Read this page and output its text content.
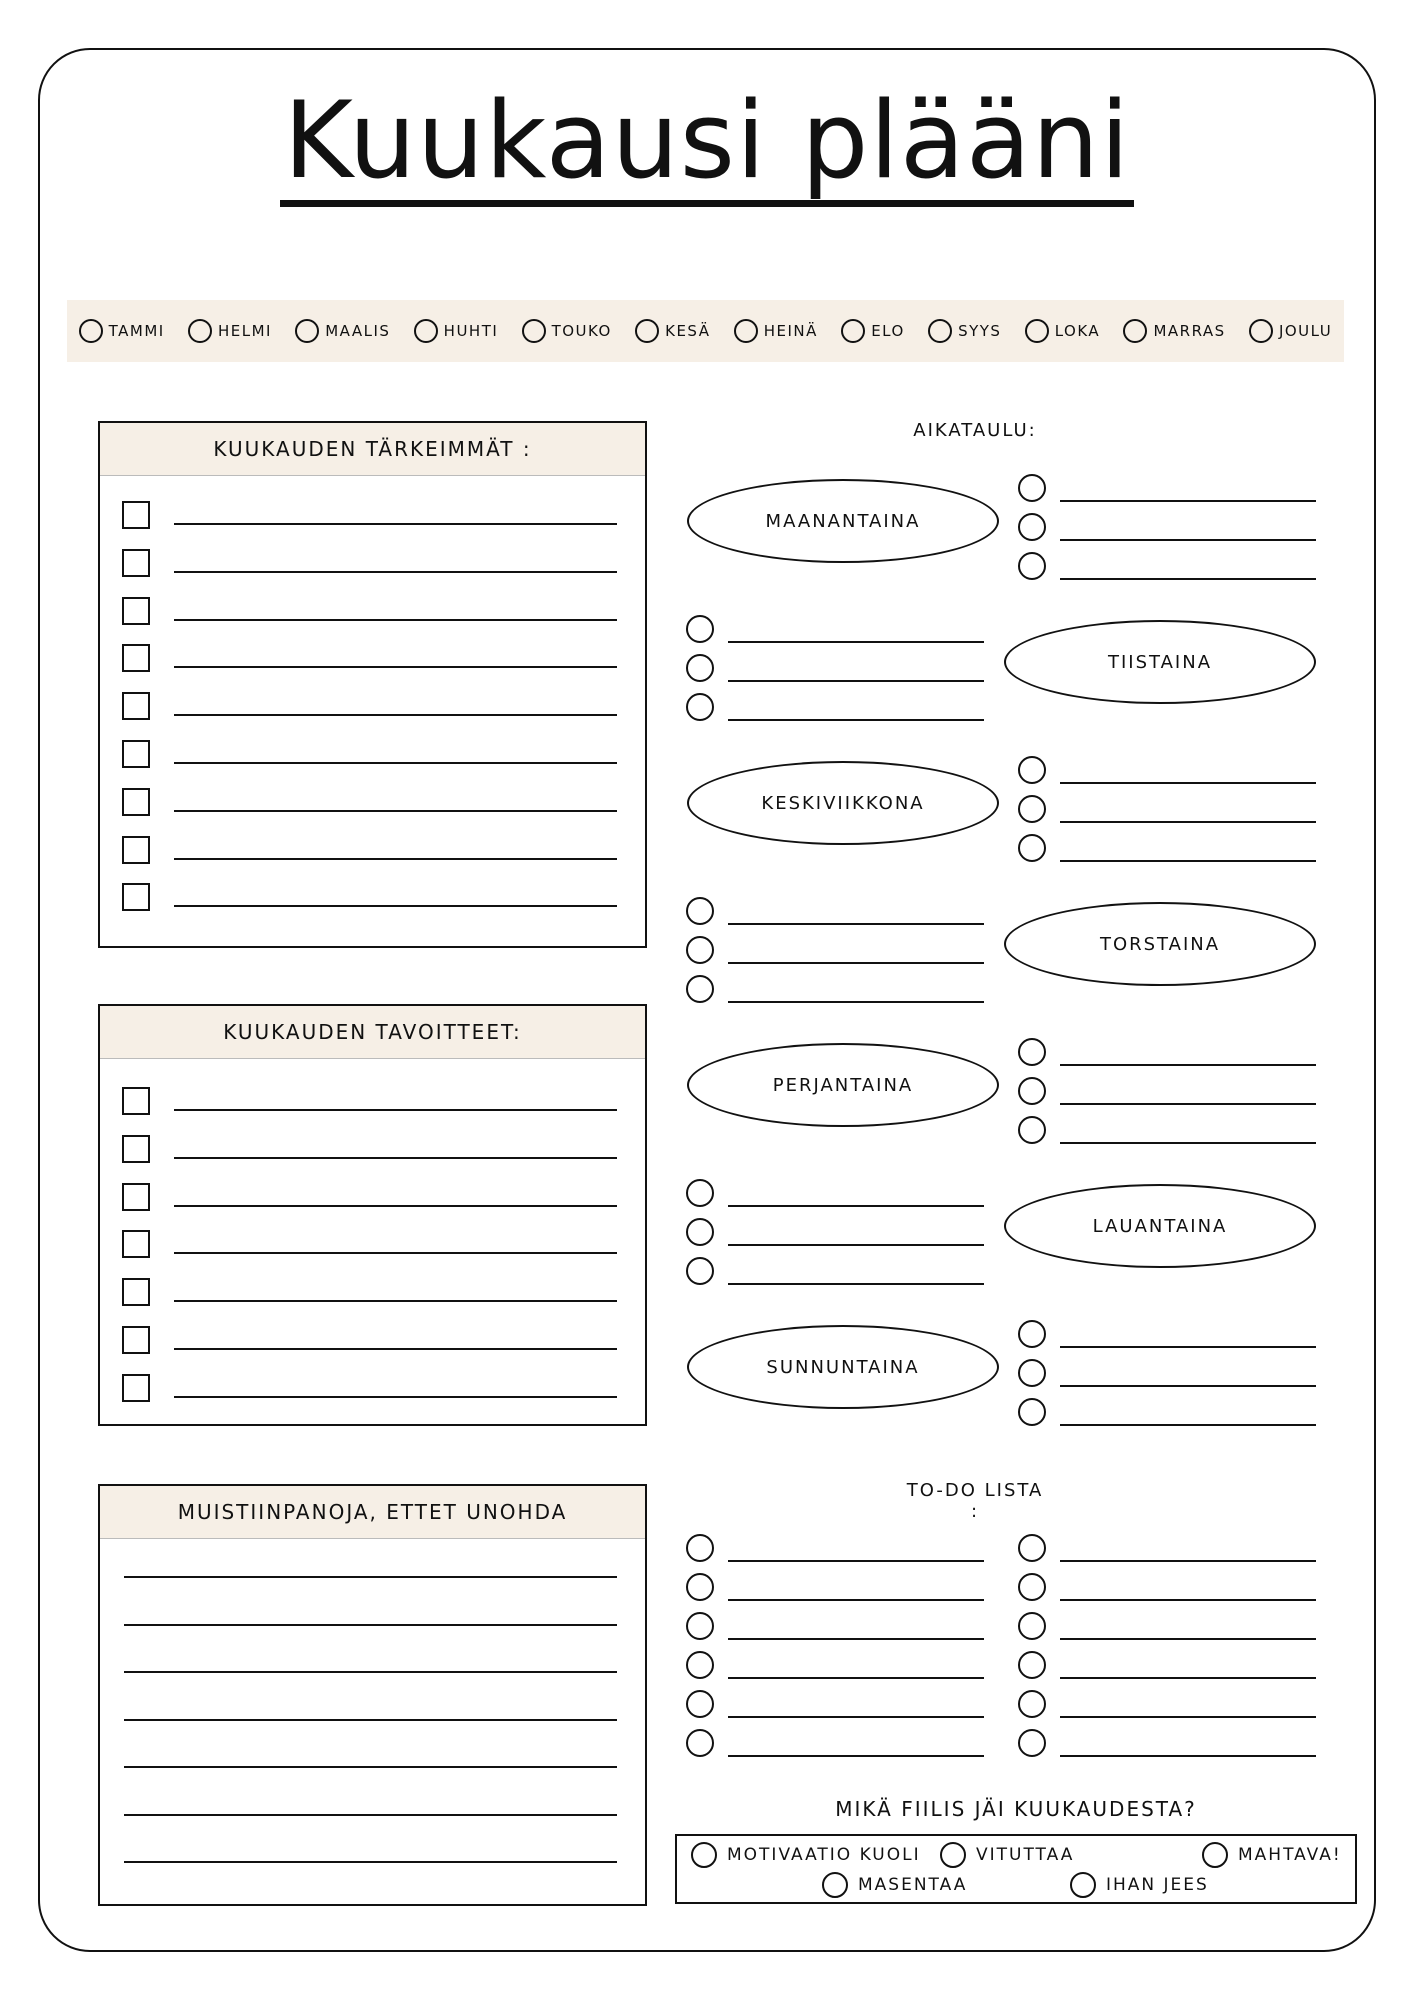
Kuukausi plääni
TAMMI	HELMI	MAALIS	HUHTI	TOUKO	KESÄ	HEINÄ	ELO	SYYS	LOKA	MARRAS	JOULU
KUUKAUDEN TÄRKEIMMÄT :
KUUKAUDEN TAVOITTEET:
MUISTIINPANOJA, ETTET UNOHDA
AIKATAULU:
MAANANTAINA
TIISTAINA
KESKIVIIKKONA
TORSTAINA
PERJANTAINA
LAUANTAINA
SUNNUNTAINA
TO-DO LISTA :
MIKÄ FIILIS JÄI KUUKAUDESTA?
MOTIVAATIO KUOLI	VITUTTAA	MAHTAVA!
MASENTAA	IHAN JEES
